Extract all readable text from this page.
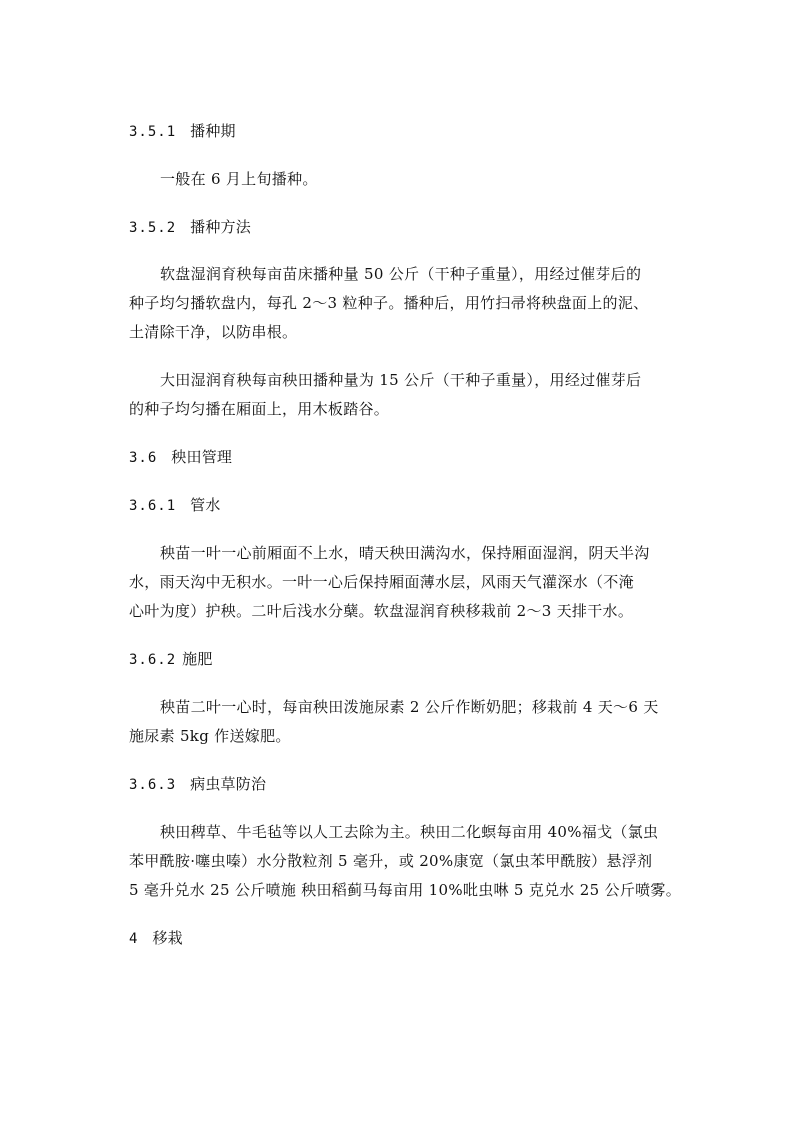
3.5.1 播种期
一般在 6 月上旬播种。
3.5.2 播种方法
软盘湿润育秧每亩苗床播种量 50 公斤（干种子重量），用经过催芽后的
种子均匀播软盘内，每孔 2～3 粒种子。播种后，用竹扫帚将秧盘面上的泥、
土清除干净，以防串根。
大田湿润育秧每亩秧田播种量为 15 公斤（干种子重量），用经过催芽后
的种子均匀播在厢面上，用木板踏谷。
3.6 秧田管理
3.6.1 管水
秧苗一叶一心前厢面不上水，晴天秧田满沟水，保持厢面湿润，阴天半沟
水，雨天沟中无积水。一叶一心后保持厢面薄水层，风雨天气灌深水（不淹
心叶为度）护秧。二叶后浅水分蘖。软盘湿润育秧移栽前 2～3 天排干水。
3.6.2 施肥
秧苗二叶一心时，每亩秧田泼施尿素 2 公斤作断奶肥；移栽前 4 天～6 天
施尿素 5kg 作送嫁肥。
3.6.3 病虫草防治
秧田稗草、牛毛毡等以人工去除为主。秧田二化螟每亩用 40%福戈（氯虫
苯甲酰胺·噻虫嗪）水分散粒剂 5 毫升，或 20%康宽（氯虫苯甲酰胺）悬浮剂
5 毫升兑水 25 公斤喷施 秧田稻蓟马每亩用 10%吡虫啉 5 克兑水 25 公斤喷雾。
4 移栽
